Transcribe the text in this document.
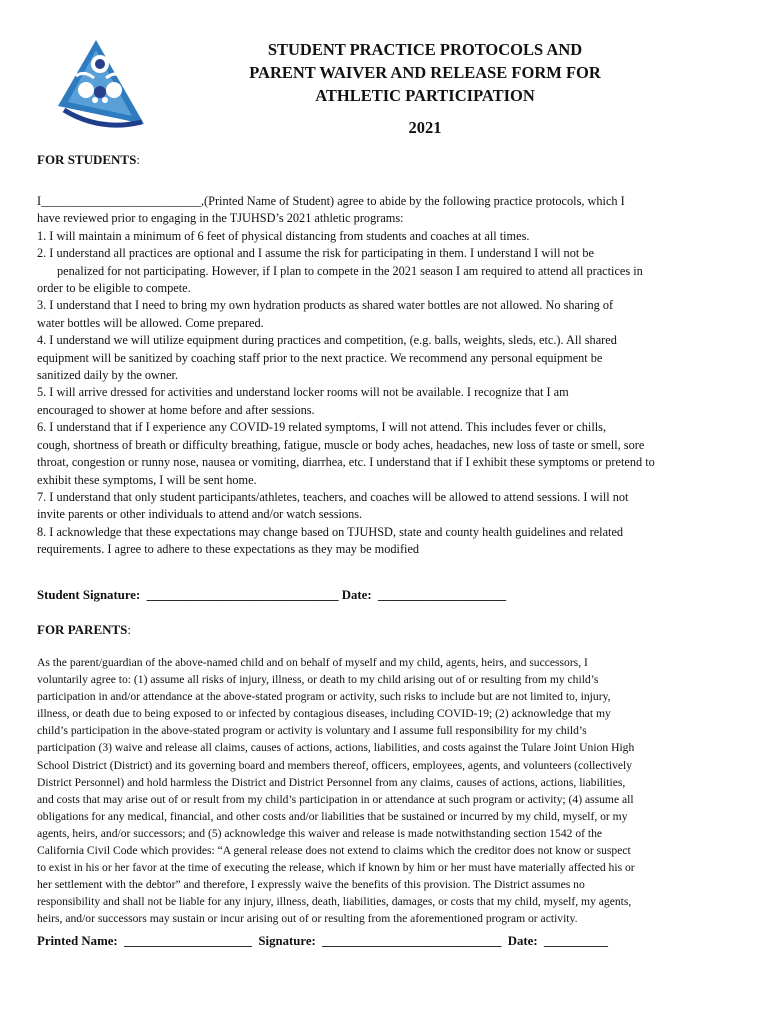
STUDENT PRACTICE PROTOCOLS AND
PARENT WAIVER AND RELEASE FORM FOR
ATHLETIC PARTICIPATION
2021
FOR STUDENTS:

I__________________________,(Printed Name of Student) agree to abide by the following practice protocols, which I

have reviewed prior to engaging in the TJUHSD’s 2021 athletic programs:

1. I will maintain a minimum of 6 feet of physical distancing from students and coaches at all times.

2. I understand all practices are optional and I assume the risk for participating in them. I understand I will not be

penalized for not participating. However, if I plan to compete in the 2021 season I am required to attend all practices in

order to be eligible to compete.

3. I understand that I need to bring my own hydration products as shared water bottles are not allowed. No sharing of

water bottles will be allowed. Come prepared.

4. I understand we will utilize equipment during practices and competition, (e.g. balls, weights, sleds, etc.). All shared

equipment will be sanitized by coaching staff prior to the next practice. We recommend any personal equipment be

sanitized daily by the owner.

5. I will arrive dressed for activities and understand locker rooms will not be available. I recognize that I am

encouraged to shower at home before and after sessions.

6. I understand that if I experience any COVID-19 related symptoms, I will not attend. This includes fever or chills,

cough, shortness of breath or difficulty breathing, fatigue, muscle or body aches, headaches, new loss of taste or smell, sore

throat, congestion or runny nose, nausea or vomiting, diarrhea, etc. I understand that if I exhibit these symptoms or pretend to

exhibit these symptoms, I will be sent home.

7. I understand that only student participants/athletes, teachers, and coaches will be allowed to attend sessions. I will not

invite parents or other individuals to attend and/or watch sessions.

8. I acknowledge that these expectations may change based on TJUHSD, state and county health guidelines and related

requirements. I agree to adhere to these expectations as they may be modified

Student Signature:  ______________________________ Date:  ____________________
FOR PARENTS:

As the parent/guardian of the above-named child and on behalf of myself and my child, agents, heirs, and successors, I

voluntarily agree to: (1) assume all risks of injury, illness, or death to my child arising out of or resulting from my child’s

participation in and/or attendance at the above-stated program or activity, such risks to include but are not limited to, injury,

illness, or death due to being exposed to or infected by contagious diseases, including COVID-19; (2) acknowledge that my

child’s participation in the above-stated program or activity is voluntary and I assume full responsibility for my child’s

participation (3) waive and release all claims, causes of actions, actions, liabilities, and costs against the Tulare Joint Union High

School District (District) and its governing board and members thereof, officers, employees, agents, and volunteers (collectively

District Personnel) and hold harmless the District and District Personnel from any claims, causes of actions, actions, liabilities,

and costs that may arise out of or result from my child’s participation in or attendance at such program or activity; (4) assume all

obligations for any medical, financial, and other costs and/or liabilities that be sustained or incurred by my child, myself, or my

agents, heirs, and/or successors; and (5) acknowledge this waiver and release is made notwithstanding section 1542 of the

California Civil Code which provides: “A general release does not extend to claims which the creditor does not know or suspect

to exist in his or her favor at the time of executing the release, which if known by him or her must have materially affected his or

her settlement with the debtor” and therefore, I expressly waive the benefits of this provision. The District assumes no

responsibility and shall not be liable for any injury, illness, death, liabilities, damages, or costs that my child, myself, my agents,

heirs, and/or successors may sustain or incur arising out of or resulting from the aforementioned program or activity.

Printed Name:  ____________________  Signature:  ____________________________  Date:  __________
